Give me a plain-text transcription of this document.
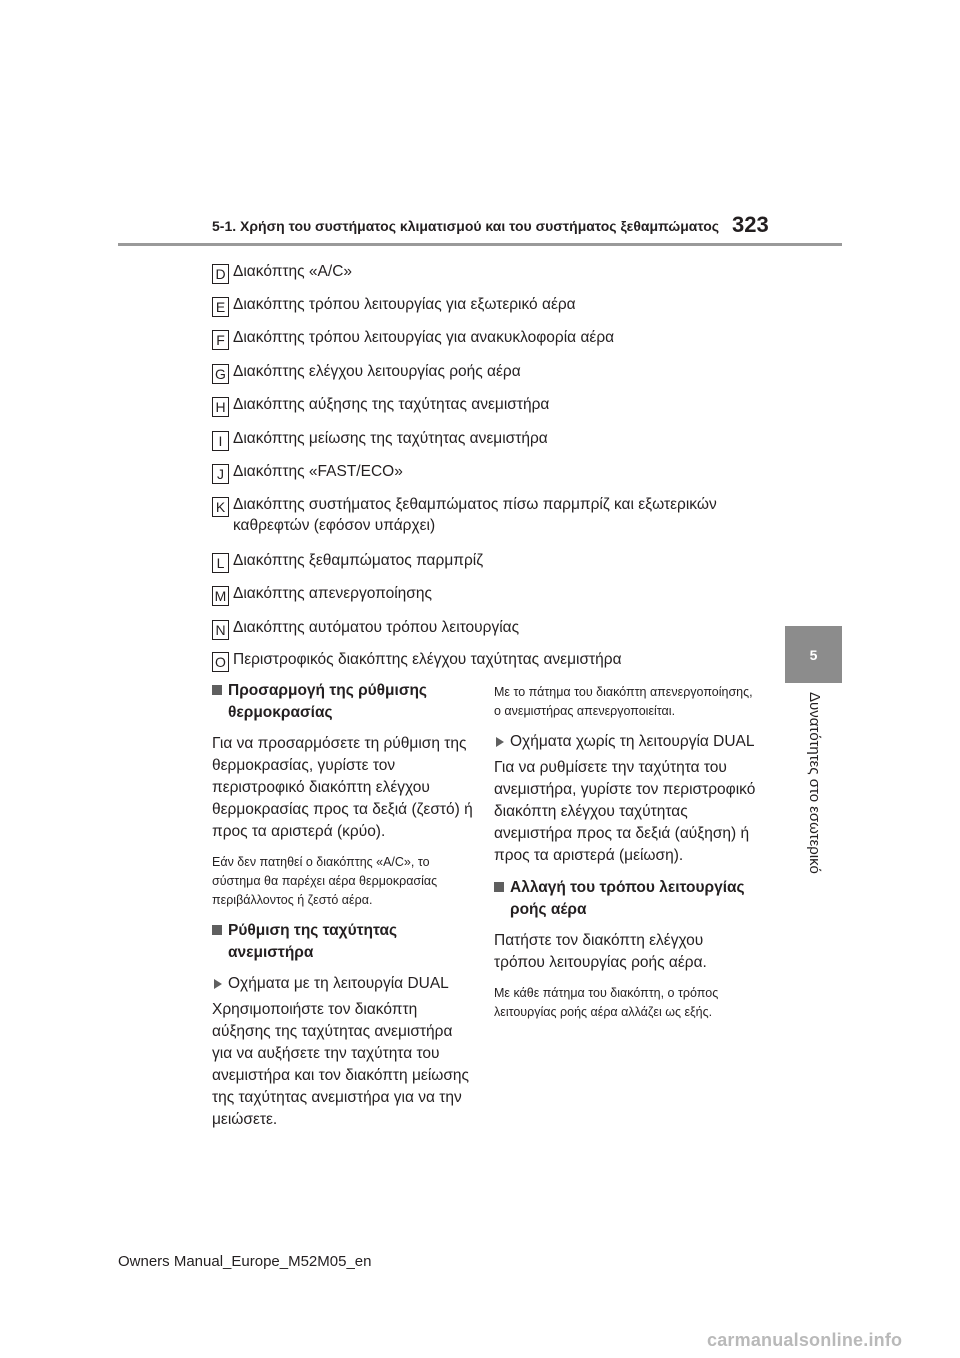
5-1. Χρήση του συστήματος κλιματισμού και του συστήματος ξεθαμπώματος 323
5
Δυνατότητες στο εσωτερικό
D Διακόπτης «A/C»
E Διακόπτης τρόπου λειτουργίας για εξωτερικό αέρα
F Διακόπτης τρόπου λειτουργίας για ανακυκλοφορία αέρα
G Διακόπτης ελέγχου λειτουργίας ροής αέρα
H Διακόπτης αύξησης της ταχύτητας ανεμιστήρα
I Διακόπτης μείωσης της ταχύτητας ανεμιστήρα
J Διακόπτης «FAST/ECO»
K Διακόπτης συστήματος ξεθαμπώματος πίσω παρμπρίζ και εξωτερικών
καθρεφτών (εφόσον υπάρχει)
L Διακόπτης ξεθαμπώματος παρμπρίζ
M Διακόπτης απενεργοποίησης
N Διακόπτης αυτόματου τρόπου λειτουργίας
O Περιστροφικός διακόπτης ελέγχου ταχύτητας ανεμιστήρα
Προσαρμογή της ρύθμισης θερμοκρασίας

Για να προσαρμόσετε τη ρύθμιση της θερμοκρασίας, γυρίστε τον περιστροφικό διακόπτη ελέγχου θερμοκρασίας προς τα δεξιά (ζεστό) ή προς τα αριστερά (κρύο).

Εάν δεν πατηθεί ο διακόπτης «A/C», το σύστημα θα παρέχει αέρα θερμοκρασίας περιβάλλοντος ή ζεστό αέρα.

Ρύθμιση της ταχύτητας ανεμιστήρα
Οχήματα με τη λειτουργία DUAL

Χρησιμοποιήστε τον διακόπτη αύξησης της ταχύτητας ανεμιστήρα για να αυξήσετε την ταχύτητα του ανεμιστήρα και τον διακόπτη μείωσης της ταχύτητας ανεμιστήρα για να την μειώσετε.

Με το πάτημα του διακόπτη απενεργοποίησης, ο ανεμιστήρας απενεργοποιείται.

Οχήματα χωρίς τη λειτουργία DUAL

Για να ρυθμίσετε την ταχύτητα του ανεμιστήρα, γυρίστε τον περιστροφικό διακόπτη ελέγχου ταχύτητας ανεμιστήρα προς τα δεξιά (αύξηση) ή προς τα αριστερά (μείωση).

Αλλαγή του τρόπου λειτουργίας ροής αέρα

Πατήστε τον διακόπτη ελέγχου τρόπου λειτουργίας ροής αέρα.

Με κάθε πάτημα του διακόπτη, ο τρόπος λειτουργίας ροής αέρα αλλάζει ως εξής.

Owners Manual_Europe_M52M05_en
carmanualsonline.info
